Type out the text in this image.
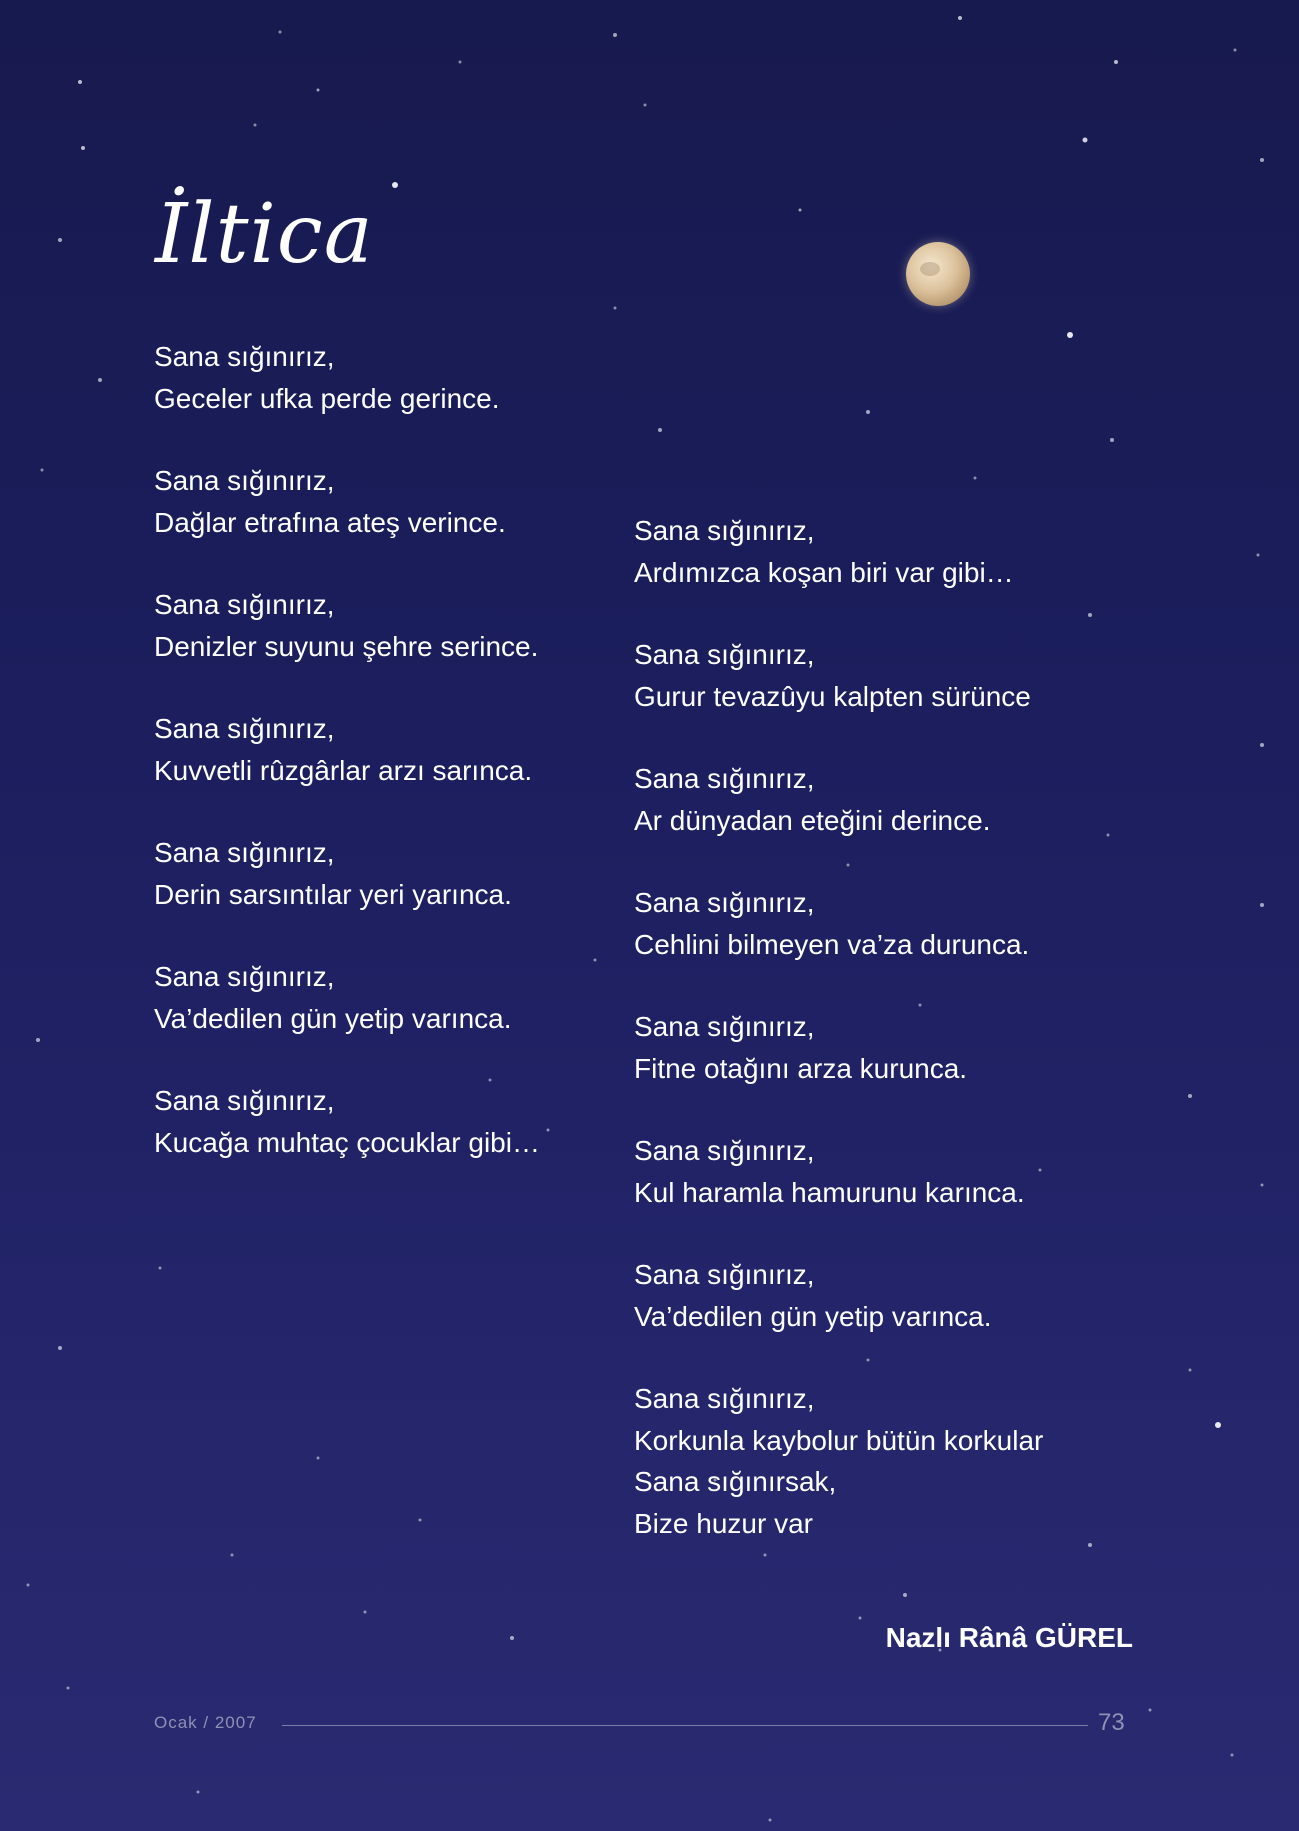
İltica

Sana sığınırız,
Geceler ufka perde gerince.

Sana sığınırız,
Dağlar etrafına ateş verince.

Sana sığınırız,
Denizler suyunu şehre serince.

Sana sığınırız,
Kuvvetli rûzgârlar arzı sarınca.

Sana sığınırız,
Derin sarsıntılar yeri yarınca.

Sana sığınırız,
Va’dedilen gün yetip varınca.

Sana sığınırız,
Kucağa muhtaç çocuklar gibi…

Sana sığınırız,
Ardımızca koşan biri var gibi…

Sana sığınırız,
Gurur tevazûyu kalpten sürünce

Sana sığınırız,
Ar dünyadan eteğini derince.

Sana sığınırız,
Cehlini bilmeyen va’za durunca.

Sana sığınırız,
Fitne otağını arza kurunca.

Sana sığınırız,
Kul haramla hamurunu karınca.

Sana sığınırız,
Va’dedilen gün yetip varınca.

Sana sığınırız,
Korkunla kaybolur bütün korkular
Sana sığınırsak,
Bize huzur var

Nazlı Rânâ GÜREL
Ocak / 2007	73
